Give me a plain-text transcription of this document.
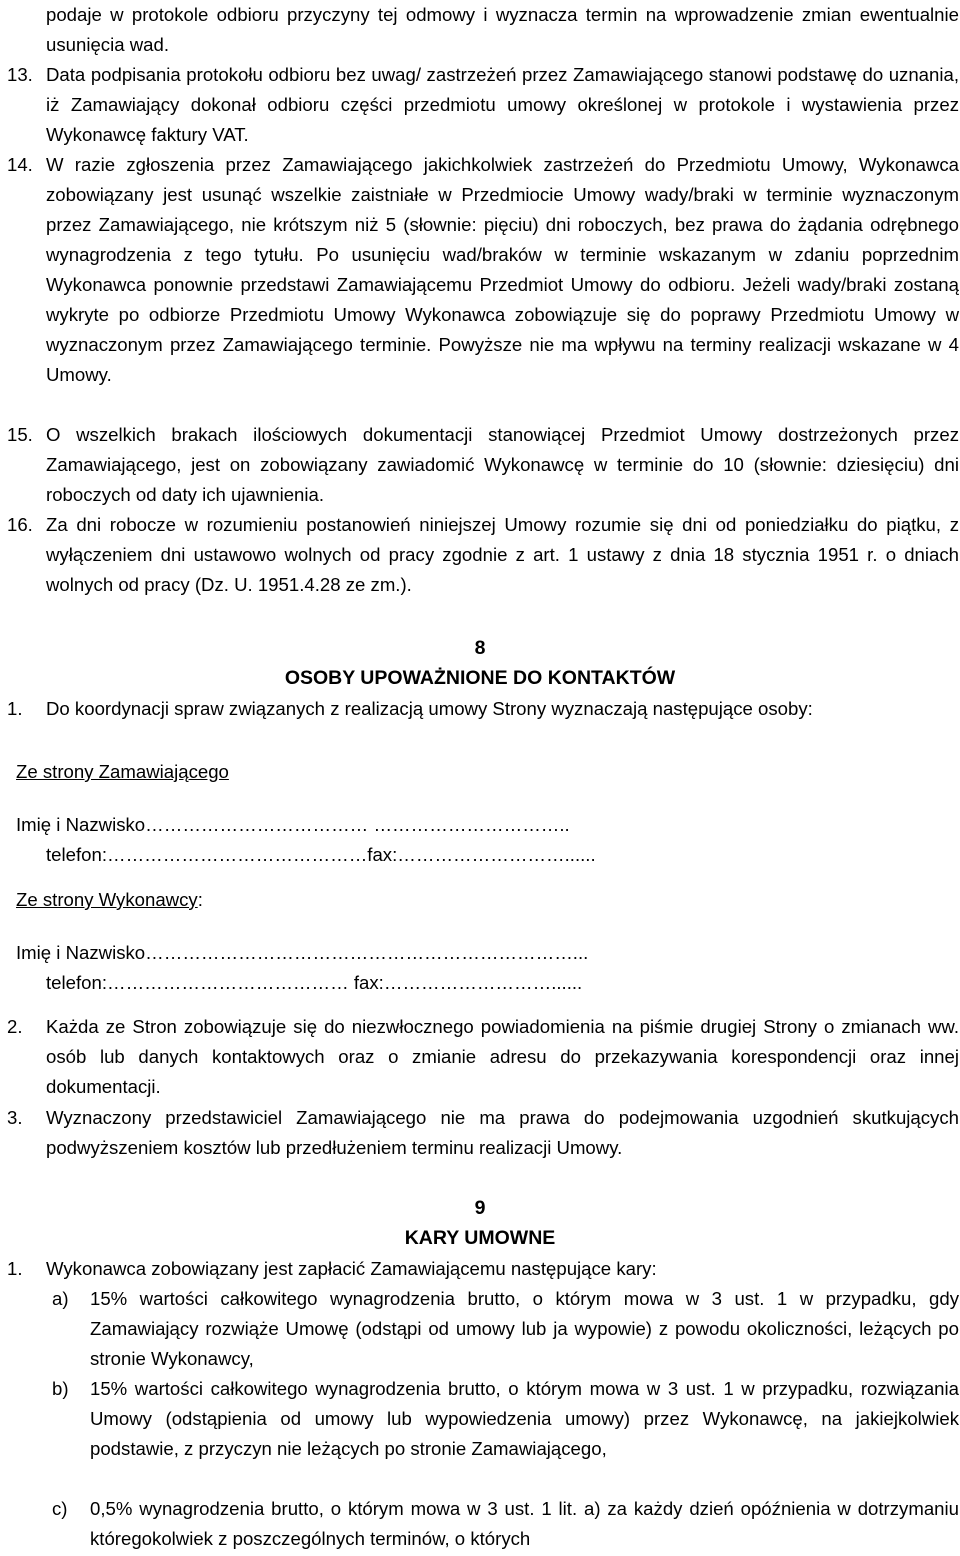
podaje w protokole odbioru przyczyny tej odmowy i wyznacza termin na wprowadzenie zmian ewentualnie usunięcia wad.
13. Data podpisania protokołu odbioru bez uwag/ zastrzeżeń przez Zamawiającego stanowi podstawę do uznania, iż Zamawiający dokonał odbioru części przedmiotu umowy określonej w protokole i wystawienia przez Wykonawcę faktury VAT.
14. W razie zgłoszenia przez Zamawiającego jakichkolwiek zastrzeżeń do Przedmiotu Umowy, Wykonawca zobowiązany jest usunąć wszelkie zaistniałe w Przedmiocie Umowy wady/braki w terminie wyznaczonym przez Zamawiającego, nie krótszym niż 5 (słownie: pięciu) dni roboczych, bez prawa do żądania odrębnego wynagrodzenia z tego tytułu. Po usunięciu wad/braków w terminie wskazanym w zdaniu poprzednim Wykonawca ponownie przedstawi Zamawiającemu Przedmiot Umowy do odbioru. Jeżeli wady/braki zostaną wykryte po odbiorze Przedmiotu Umowy Wykonawca zobowiązuje się do poprawy Przedmiotu Umowy w wyznaczonym przez Zamawiającego terminie. Powyższe nie ma wpływu na terminy realizacji wskazane w 4 Umowy.
15. O wszelkich brakach ilościowych dokumentacji stanowiącej Przedmiot Umowy dostrzeżonych przez Zamawiającego, jest on zobowiązany zawiadomić Wykonawcę w terminie do 10 (słownie: dziesięciu) dni roboczych od daty ich ujawnienia.
16. Za dni robocze w rozumieniu postanowień niniejszej Umowy rozumie się dni od poniedziałku do piątku, z wyłączeniem dni ustawowo wolnych od pracy zgodnie z art. 1 ustawy z dnia 18 stycznia 1951 r. o dniach wolnych od pracy (Dz. U. 1951.4.28 ze zm.).
8
OSOBY UPOWAŻNIONE DO KONTAKTÓW
1. Do koordynacji spraw związanych z realizacją umowy Strony wyznaczają następujące osoby:
Ze strony Zamawiającego
Imię i Nazwisko……………………………… …………………………..
telefon:……………………………………fax:………………………......
Ze strony Wykonawcy:
Imię i Nazwisko……………………………………………………………...
telefon:………………………………… fax:………………………......
2. Każda ze Stron zobowiązuje się do niezwłocznego powiadomienia na piśmie drugiej Strony o zmianach ww. osób lub danych kontaktowych oraz o zmianie adresu do przekazywania korespondencji oraz innej dokumentacji.
3. Wyznaczony przedstawiciel Zamawiającego nie ma prawa do podejmowania uzgodnień skutkujących podwyższeniem kosztów lub przedłużeniem terminu realizacji Umowy.
9
KARY UMOWNE
1. Wykonawca zobowiązany jest zapłacić Zamawiającemu następujące kary:
a) 15% wartości całkowitego wynagrodzenia brutto, o którym mowa w 3 ust. 1 w przypadku, gdy Zamawiający rozwiąże Umowę (odstąpi od umowy lub ja wypowie) z powodu okoliczności, leżących po stronie Wykonawcy,
b) 15% wartości całkowitego wynagrodzenia brutto, o którym mowa w 3 ust. 1 w przypadku, rozwiązania Umowy (odstąpienia od umowy lub wypowiedzenia umowy) przez Wykonawcę, na jakiejkolwiek podstawie, z przyczyn nie leżących po stronie Zamawiającego,
c) 0,5% wynagrodzenia brutto, o którym mowa w 3 ust. 1 lit. a) za każdy dzień opóźnienia w dotrzymaniu któregokolwiek z poszczególnych terminów, o których
